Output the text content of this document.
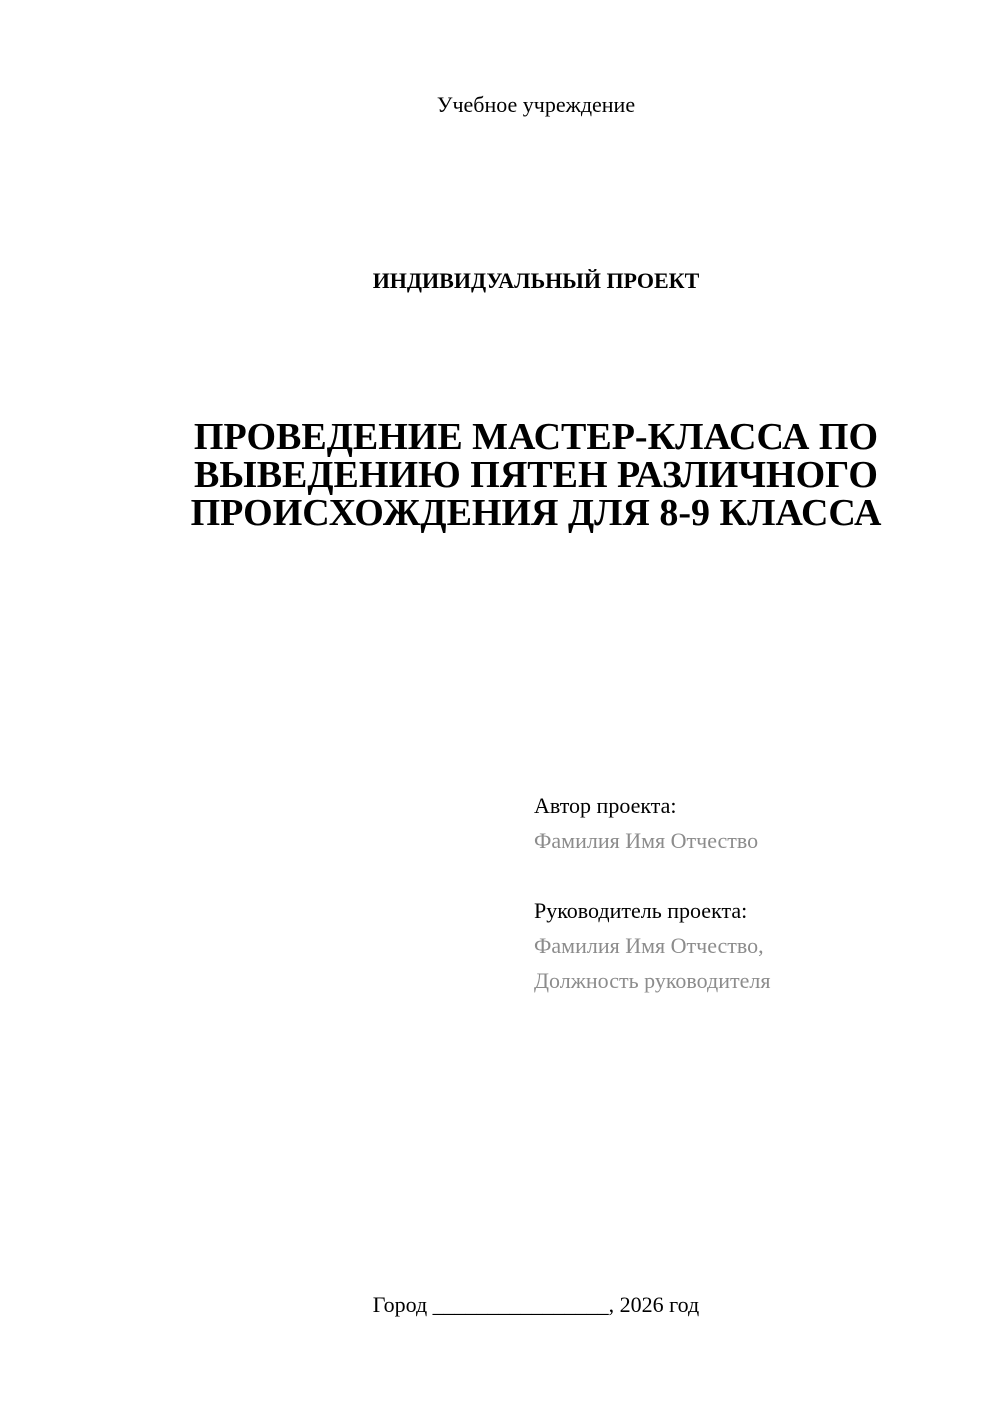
Учебное учреждение
ИНДИВИДУАЛЬНЫЙ ПРОЕКТ
ПРОВЕДЕНИЕ МАСТЕР-КЛАССА ПО
ВЫВЕДЕНИЮ ПЯТЕН РАЗЛИЧНОГО
ПРОИСХОЖДЕНИЯ ДЛЯ 8-9 КЛАССА
Автор проекта:
Фамилия Имя Отчество
Руководитель проекта:
Фамилия Имя Отчество,
Должность руководителя
Город ________________, 2026 год
